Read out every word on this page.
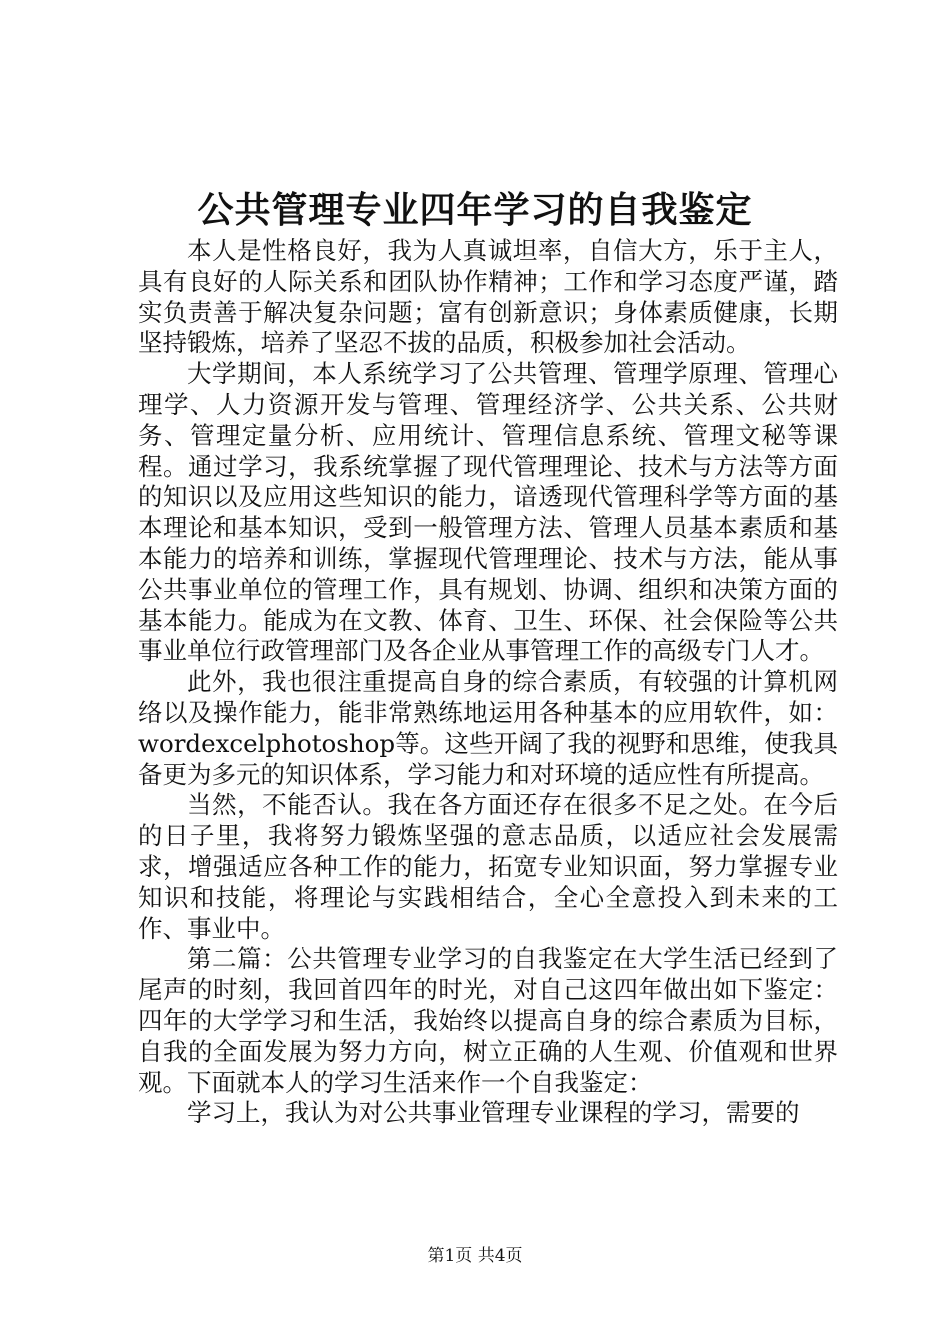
公共管理专业四年学习的自我鉴定

本人是性格良好，我为人真诚坦率，自信大方，乐于主人，具有良好的人际关系和团队协作精神；工作和学习态度严谨，踏实负责善于解决复杂问题；富有创新意识；身体素质健康，长期坚持锻炼，培养了坚忍不拔的品质，积极参加社会活动。

大学期间，本人系统学习了公共管理、管理学原理、管理心理学、人力资源开发与管理、管理经济学、公共关系、公共财务、管理定量分析、应用统计、管理信息系统、管理文秘等课程。通过学习，我系统掌握了现代管理理论、技术与方法等方面的知识以及应用这些知识的能力，谙透现代管理科学等方面的基本理论和基本知识，受到一般管理方法、管理人员基本素质和基本能力的培养和训练，掌握现代管理理论、技术与方法，能从事公共事业单位的管理工作，具有规划、协调、组织和决策方面的基本能力。能成为在文教、体育、卫生、环保、社会保险等公共事业单位行政管理部门及各企业从事管理工作的高级专门人才。

此外，我也很注重提高自身的综合素质，有较强的计算机网络以及操作能力，能非常熟练地运用各种基本的应用软件，如：wordexcelphotoshop等。这些开阔了我的视野和思维，使我具备更为多元的知识体系，学习能力和对环境的适应性有所提高。

当然，不能否认。我在各方面还存在很多不足之处。在今后的日子里，我将努力锻炼坚强的意志品质，以适应社会发展需求，增强适应各种工作的能力，拓宽专业知识面，努力掌握专业知识和技能，将理论与实践相结合，全心全意投入到未来的工作、事业中。

第二篇：公共管理专业学习的自我鉴定在大学生活已经到了尾声的时刻，我回首四年的时光，对自己这四年做出如下鉴定：四年的大学学习和生活，我始终以提高自身的综合素质为目标，自我的全面发展为努力方向，树立正确的人生观、价值观和世界观。下面就本人的学习生活来作一个自我鉴定：

学习上，我认为对公共事业管理专业课程的学习，需要的

第1页 共4页
